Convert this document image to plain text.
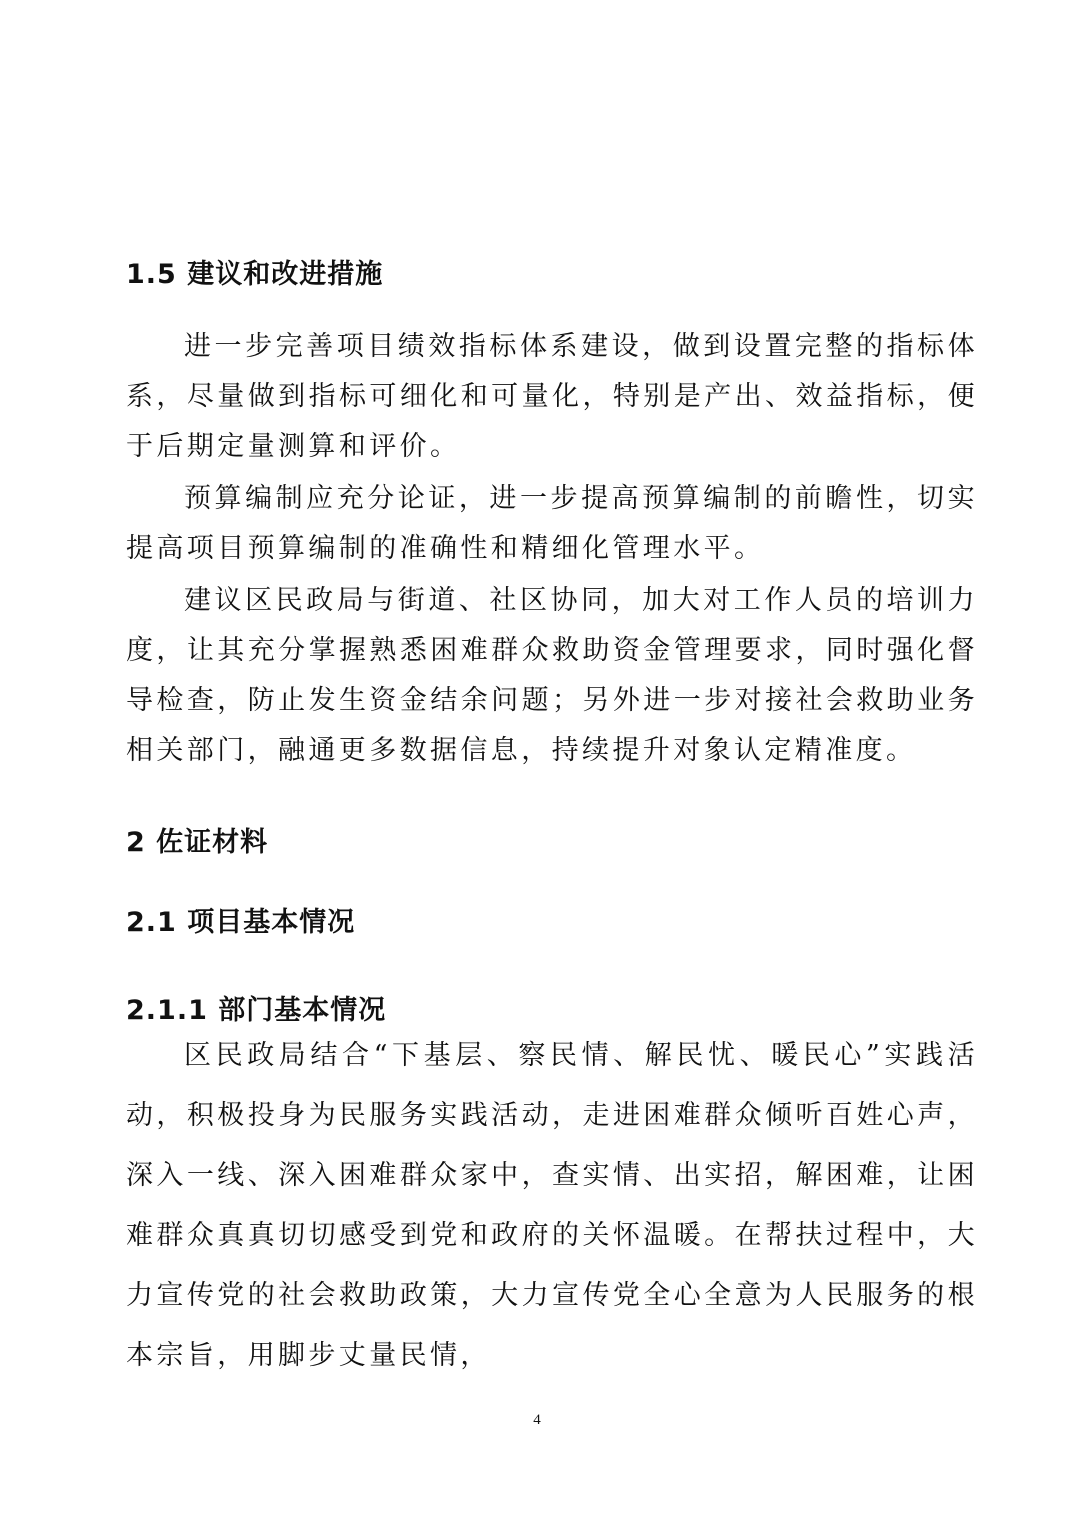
1.5 建议和改进措施
进一步完善项目绩效指标体系建设，做到设置完整的指标体系，尽量做到指标可细化和可量化，特别是产出、效益指标，便于后期定量测算和评价。
预算编制应充分论证，进一步提高预算编制的前瞻性，切实提高项目预算编制的准确性和精细化管理水平。
建议区民政局与街道、社区协同，加大对工作人员的培训力度，让其充分掌握熟悉困难群众救助资金管理要求，同时强化督导检查，防止发生资金结余问题；另外进一步对接社会救助业务相关部门，融通更多数据信息，持续提升对象认定精准度。
2 佐证材料
2.1 项目基本情况
2.1.1 部门基本情况
区民政局结合“下基层、察民情、解民忧、暖民心”实践活动，积极投身为民服务实践活动，走进困难群众倾听百姓心声，深入一线、深入困难群众家中，查实情、出实招，解困难，让困难群众真真切切感受到党和政府的关怀温暖。在帮扶过程中，大力宣传党的社会救助政策，大力宣传党全心全意为人民服务的根本宗旨，用脚步丈量民情，
4
